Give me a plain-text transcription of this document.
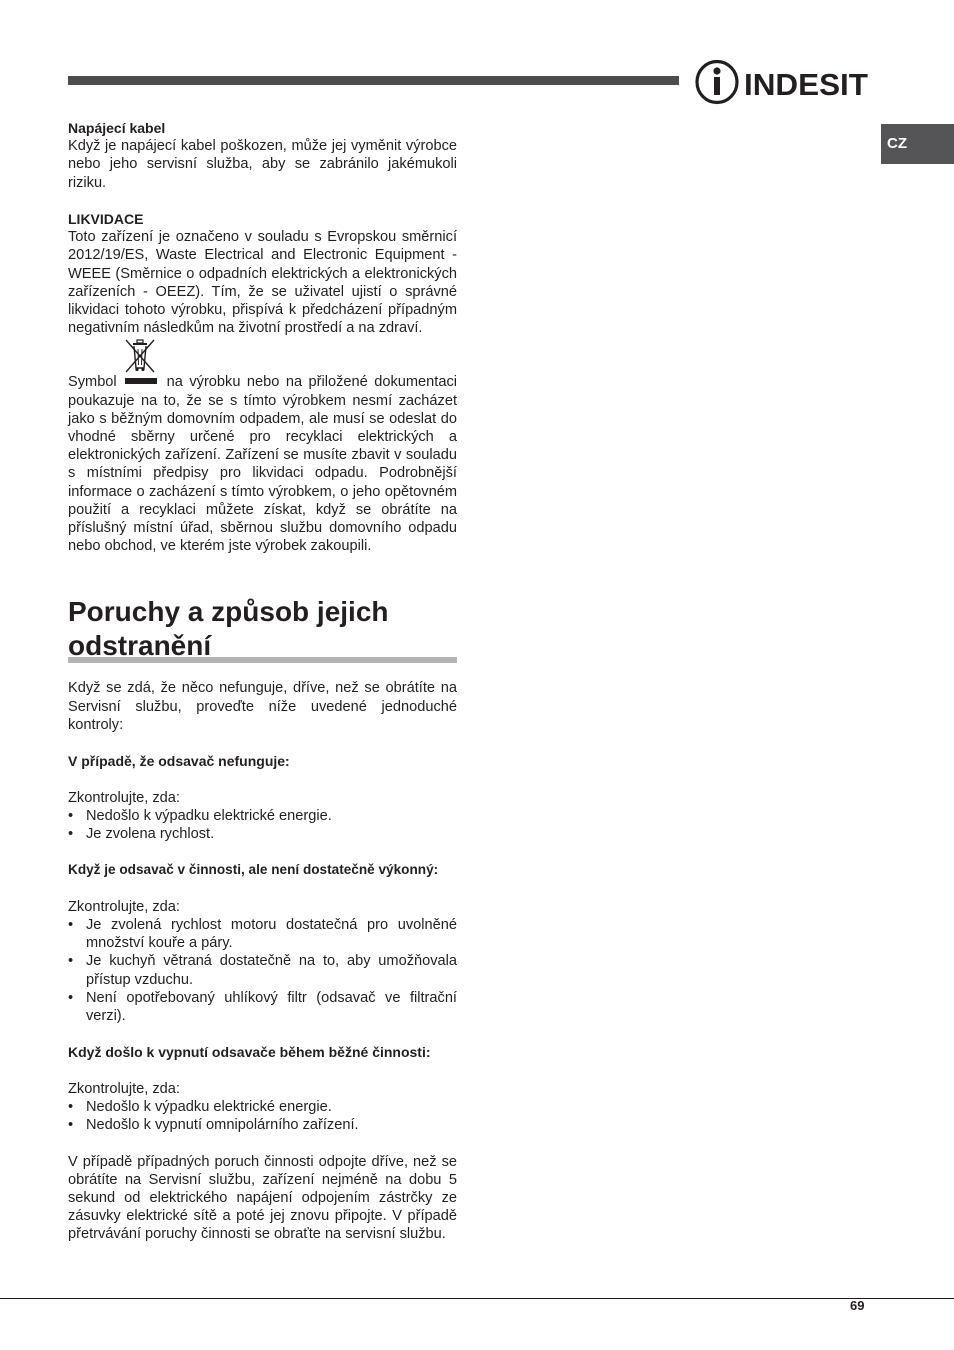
INDESIT
CZ

Napájecí kabel

Když je napájecí kabel poškozen, může jej vyměnit výrobce nebo jeho servisní služba, aby se zabránilo jakémukoli riziku.

LIKVIDACE

Toto zařízení je označeno v souladu s Evropskou směrnicí 2012/19/ES, Waste Electrical and Electronic Equipment - WEEE (Směrnice o odpadních elektrických a elektronických zařízeních - OEEZ). Tím, že se uživatel ujistí o správné likvidaci tohoto výrobku, přispívá k předcházení případným negativním následkům na životní prostředí a na zdraví.

Symbol	na výrobku nebo na přiložené dokumentaci poukazuje na to, že se s tímto výrobkem nesmí zacházet jako s běžným domovním odpadem, ale musí se odeslat do vhodné sběrny určené pro recyklaci elektrických a elektronických zařízení. Zařízení se musíte zbavit v souladu s místními předpisy pro likvidaci odpadu. Podrobnější informace o zacházení s tímto výrobkem, o jeho opětovném použití a recyklaci můžete získat, když se obrátíte na příslušný místní úřad, sběrnou službu domovního odpadu nebo obchod, ve kterém jste výrobek zakoupili.

Poruchy a způsob jejich odstranění

Když se zdá, že něco nefunguje, dříve, než se obrátíte na Servisní službu, proveďte níže uvedené jednoduché kontroly:

V případě, že odsavač nefunguje:

Zkontrolujte, zda:

• Nedošlo k výpadku elektrické energie.
• Je zvolena rychlost.

Když je odsavač v činnosti, ale není dostatečně výkonný:

Zkontrolujte, zda:

• Je zvolená rychlost motoru dostatečná pro uvolněné množství kouře a páry.
• Je kuchyň větraná dostatečně na to, aby umožňovala přístup vzduchu.
• Není opotřebovaný uhlíkový filtr (odsavač ve filtrační verzi).

Když došlo k vypnutí odsavače během běžné činnosti:

Zkontrolujte, zda:

• Nedošlo k výpadku elektrické energie.
• Nedošlo k vypnutí omnipolárního zařízení.

V případě případných poruch činnosti odpojte dříve, než se obrátíte na Servisní službu, zařízení nejméně na dobu 5 sekund od elektrického napájení odpojením zástrčky ze zásuvky elektrické sítě a poté jej znovu připojte. V případě přetrvávání poruchy činnosti se obraťte na servisní službu.

69
